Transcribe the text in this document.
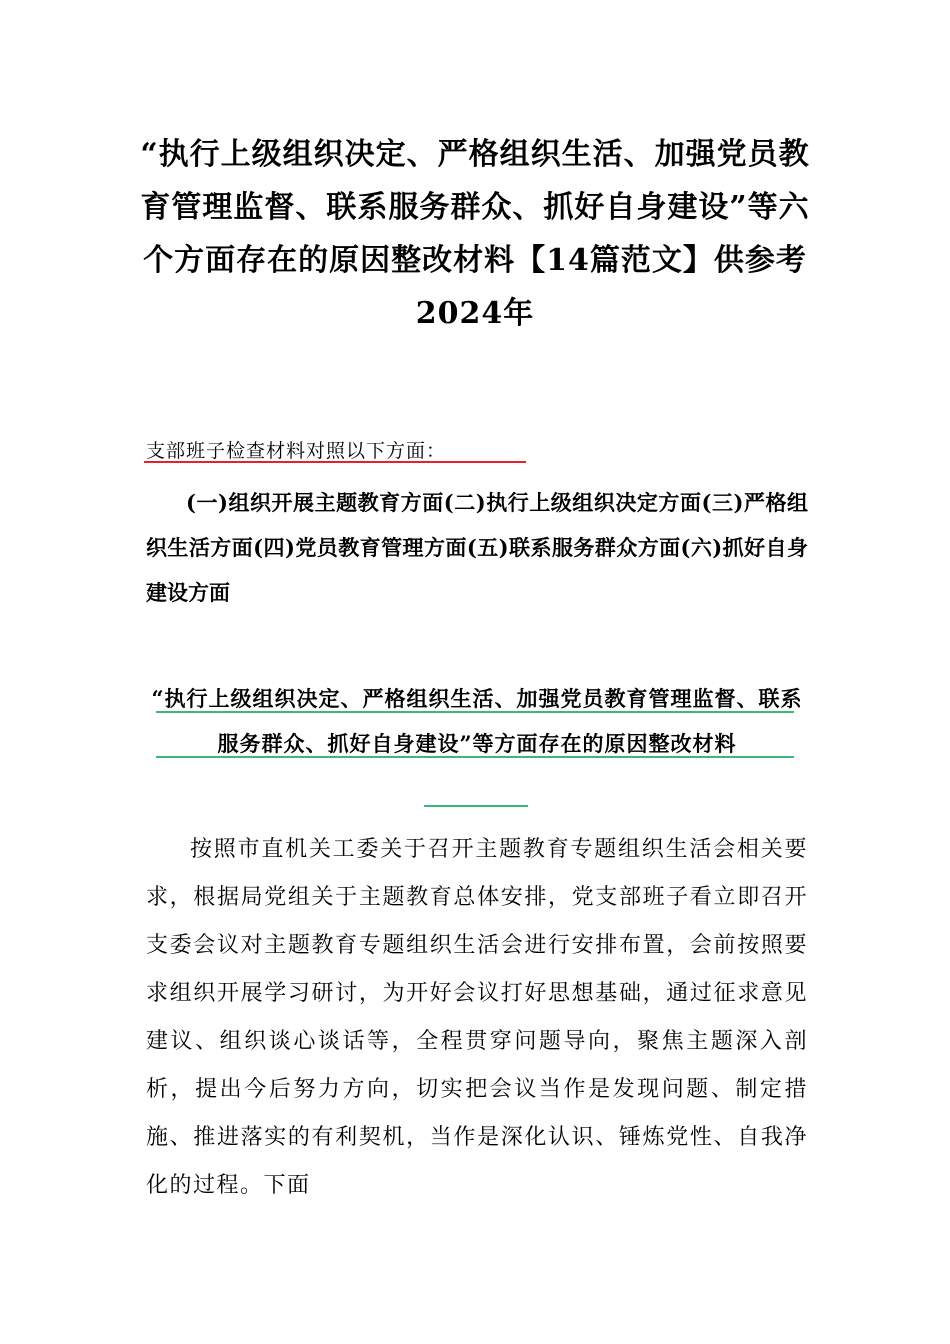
“执行上级组织决定、严格组织生活、加强党员教育管理监督、联系服务群众、抓好自身建设”等六个方面存在的原因整改材料【14篇范文】供参考2024年
支部班子检查材料对照以下方面：

(一)组织开展主题教育方面(二)执行上级组织决定方面(三)严格组织生活方面(四)党员教育管理方面(五)联系服务群众方面(六)抓好自身建设方面

“执行上级组织决定、严格组织生活、加强党员教育管理监督、联系服务群众、抓好自身建设”等方面存在的原因整改材料

按照市直机关工委关于召开主题教育专题组织生活会相关要求，根据局党组关于主题教育总体安排，党支部班子看立即召开支委会议对主题教育专题组织生活会进行安排布置，会前按照要求组织开展学习研讨，为开好会议打好思想基础，通过征求意见建议、组织谈心谈话等，全程贯穿问题导向，聚焦主题深入剖析，提出今后努力方向，切实把会议当作是发现问题、制定措施、推进落实的有利契机，当作是深化认识、锤炼党性、自我净化的过程。下面
